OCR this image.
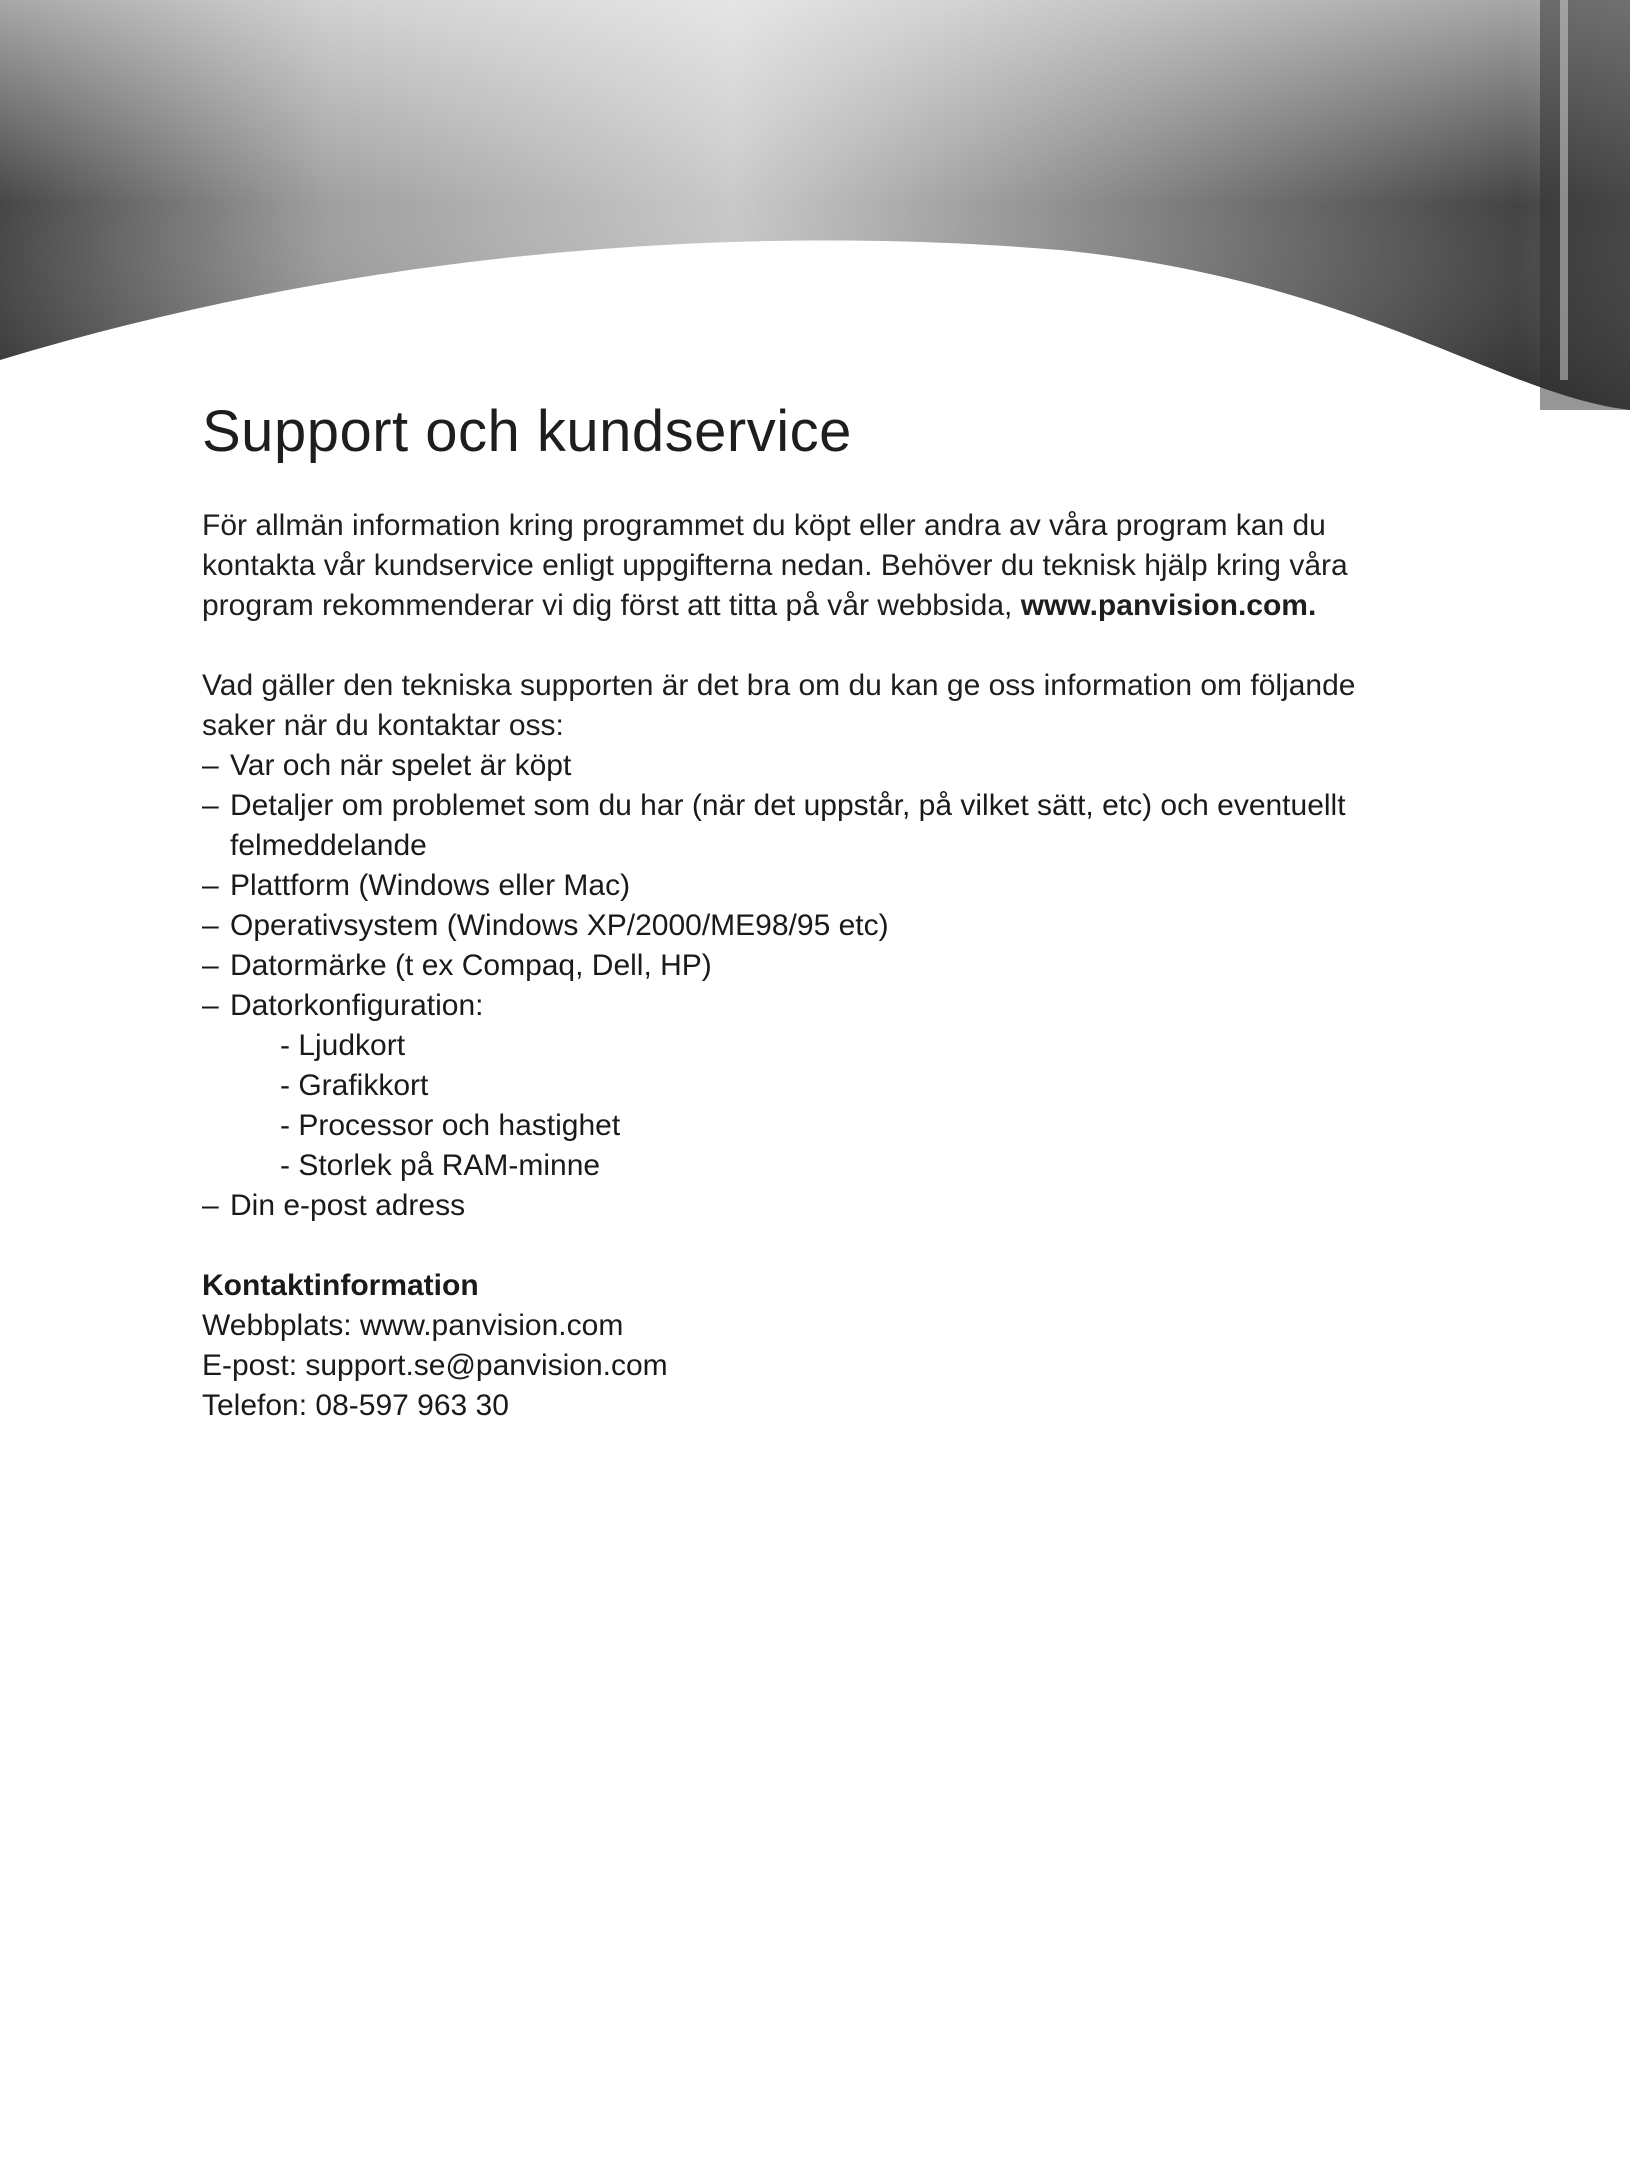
Support och kundservice

För allmän information kring programmet du köpt eller andra av våra program kan du kontakta vår kundservice enligt uppgifterna nedan. Behöver du teknisk hjälp kring våra program rekommenderar vi dig först att titta på vår webbsida, www.panvision.com.

Vad gäller den tekniska supporten är det bra om du kan ge oss information om följande saker när du kontaktar oss:

– Var och när spelet är köpt
– Detaljer om problemet som du har (när det uppstår, på vilket sätt, etc) och eventuellt felmeddelande
– Plattform (Windows eller Mac)
– Operativsystem (Windows XP/2000/ME98/95 etc)
– Datormärke (t ex Compaq, Dell, HP)
– Datorkonfiguration:
- Ljudkort
- Grafikkort
- Processor och hastighet
- Storlek på RAM-minne
– Din e-post adress

Kontaktinformation

Webbplats: www.panvision.com

E-post: support.se@panvision.com

Telefon: 08-597 963 30
